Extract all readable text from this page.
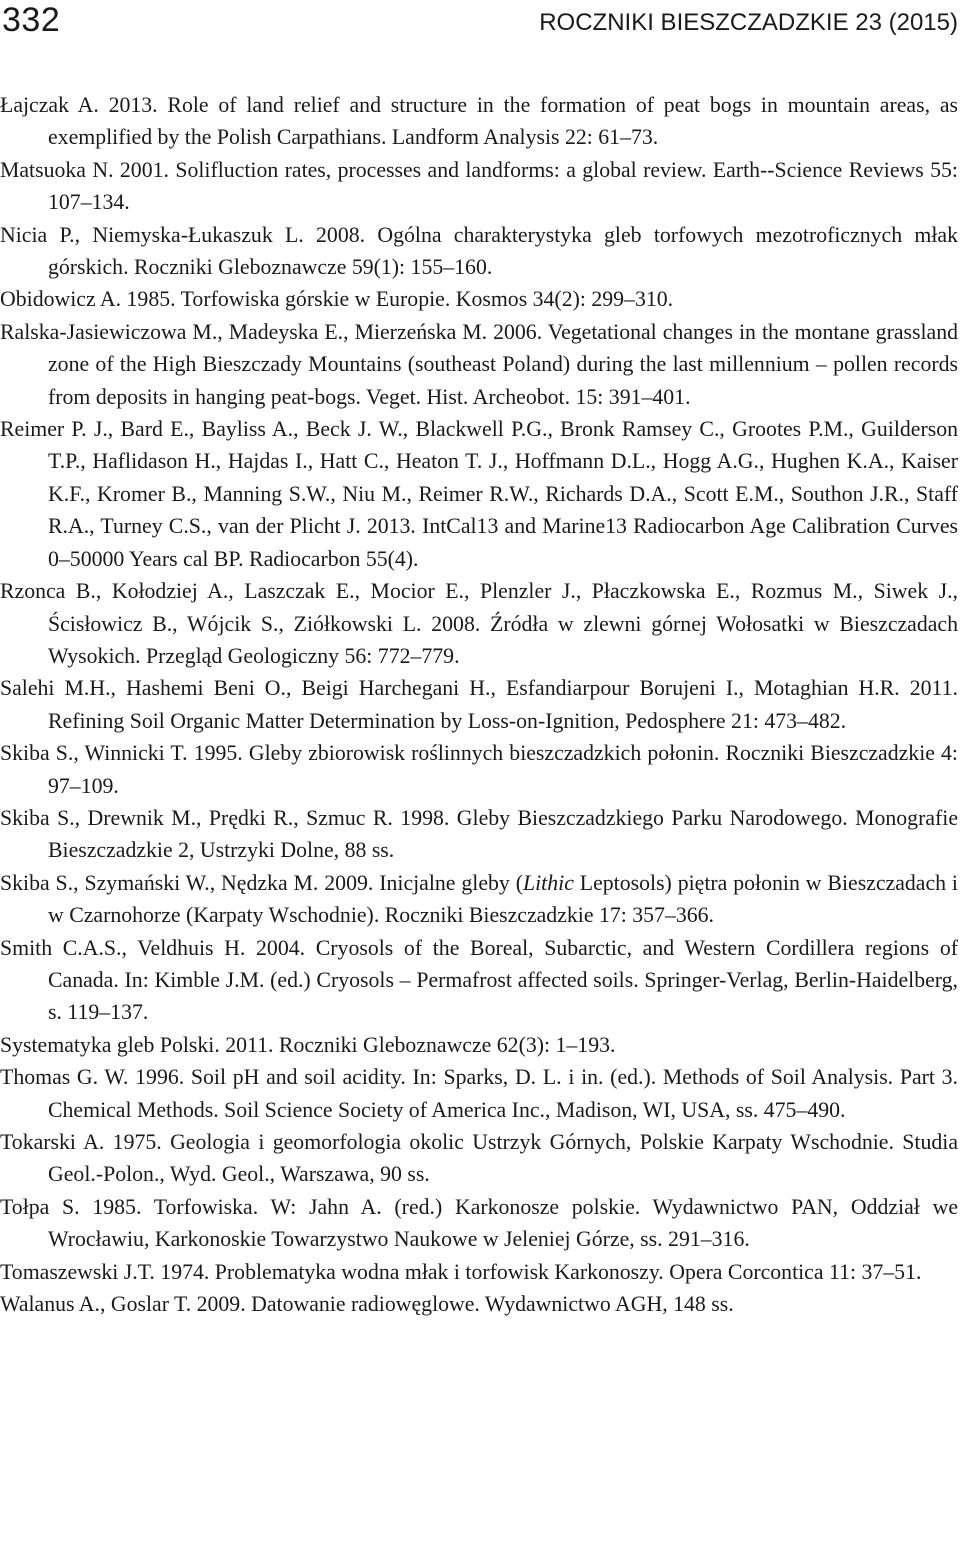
332	ROCZNIKI BIESZCZADZKIE 23 (2015)

Łajczak A. 2013. Role of land relief and structure in the formation of peat bogs in mountain areas, as exemplified by the Polish Carpathians. Landform Analysis 22: 61–73.

Matsuoka N. 2001. Solifluction rates, processes and landforms: a global review. Earth--Science Reviews 55: 107–134.

Nicia P., Niemyska-Łukaszuk L. 2008. Ogólna charakterystyka gleb torfowych mezotroficznych młak górskich. Roczniki Gleboznawcze 59(1): 155–160.

Obidowicz A. 1985. Torfowiska górskie w Europie. Kosmos 34(2): 299–310.

Ralska-Jasiewiczowa M., Madeyska E., Mierzeńska M. 2006. Vegetational changes in the montane grassland zone of the High Bieszczady Mountains (southeast Poland) during the last millennium – pollen records from deposits in hanging peat-bogs. Veget. Hist. Archeobot. 15: 391–401.

Reimer P. J., Bard E., Bayliss A., Beck J. W., Blackwell P.G., Bronk Ramsey C., Grootes P.M., Guilderson T.P., Haflidason H., Hajdas I., Hatt C., Heaton T. J., Hoffmann D.L., Hogg A.G., Hughen K.A., Kaiser K.F., Kromer B., Manning S.W., Niu M., Reimer R.W., Richards D.A., Scott E.M., Southon J.R., Staff R.A., Turney C.S., van der Plicht J. 2013. IntCal13 and Marine13 Radiocarbon Age Calibration Curves 0–50000 Years cal BP. Radiocarbon 55(4).

Rzonca B., Kołodziej A., Laszczak E., Mocior E., Plenzler J., Płaczkowska E., Rozmus M., Siwek J., Ścisłowicz B., Wójcik S., Ziółkowski L. 2008. Źródła w zlewni górnej Wołosatki w Bieszczadach Wysokich. Przegląd Geologiczny 56: 772–779.

Salehi M.H., Hashemi Beni O., Beigi Harchegani H., Esfandiarpour Borujeni I., Motaghian H.R. 2011. Refining Soil Organic Matter Determination by Loss-on-Ignition, Pedosphere 21: 473–482.

Skiba S., Winnicki T. 1995. Gleby zbiorowisk roślinnych bieszczadzkich połonin. Roczniki Bieszczadzkie 4: 97–109.

Skiba S., Drewnik M., Prędki R., Szmuc R. 1998. Gleby Bieszczadzkiego Parku Narodowego. Monografie Bieszczadzkie 2, Ustrzyki Dolne, 88 ss.

Skiba S., Szymański W., Nędzka M. 2009. Inicjalne gleby (Lithic Leptosols) piętra połonin w Bieszczadach i w Czarnohorze (Karpaty Wschodnie). Roczniki Bieszczadzkie 17: 357–366.

Smith C.A.S., Veldhuis H. 2004. Cryosols of the Boreal, Subarctic, and Western Cordillera regions of Canada. In: Kimble J.M. (ed.) Cryosols – Permafrost affected soils. Springer-Verlag, Berlin-Haidelberg, s. 119–137.

Systematyka gleb Polski. 2011. Roczniki Gleboznawcze 62(3): 1–193.

Thomas G. W. 1996. Soil pH and soil acidity. In: Sparks, D. L. i in. (ed.). Methods of Soil Analysis. Part 3. Chemical Methods. Soil Science Society of America Inc., Madison, WI, USA, ss. 475–490.

Tokarski A. 1975. Geologia i geomorfologia okolic Ustrzyk Górnych, Polskie Karpaty Wschodnie. Studia Geol.-Polon., Wyd. Geol., Warszawa, 90 ss.

Tołpa S. 1985. Torfowiska. W: Jahn A. (red.) Karkonosze polskie. Wydawnictwo PAN, Oddział we Wrocławiu, Karkonoskie Towarzystwo Naukowe w Jeleniej Górze, ss. 291–316.

Tomaszewski J.T. 1974. Problematyka wodna młak i torfowisk Karkonoszy. Opera Corcontica 11: 37–51.

Walanus A., Goslar T. 2009. Datowanie radiowęglowe. Wydawnictwo AGH, 148 ss.
